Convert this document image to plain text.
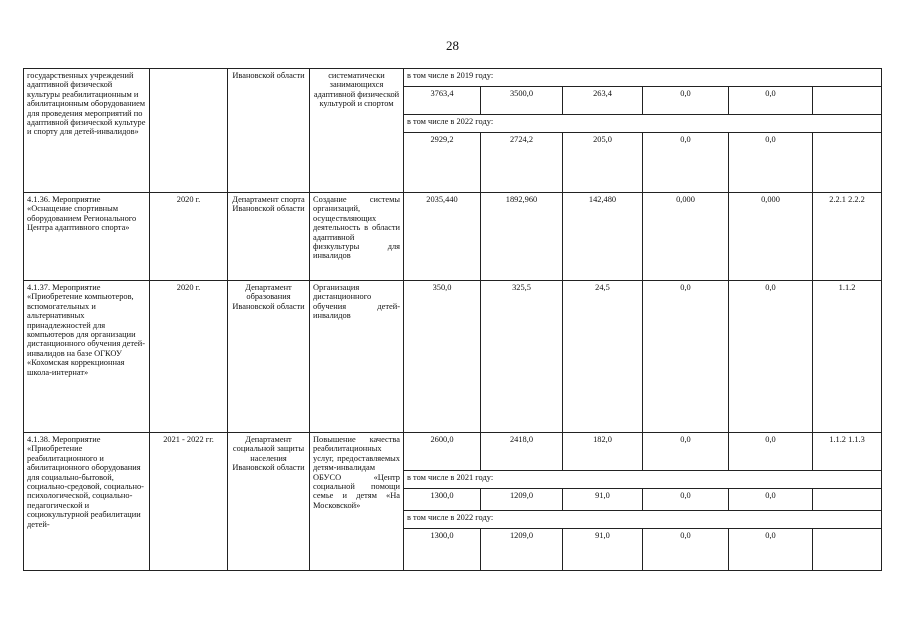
28
государственных учреждений адаптивной физической культуры реабилитационным и абилитационным оборудованием для проведения мероприятий по адаптивной физической культуре и спорту для детей-инвалидов»		Ивановской области	систематически занимающихся адаптивной физической культурой и спортом	в том числе в 2019 году:					
				3763,4	3500,0	263,4	0,0	0,0	
				в том числе в 2022 году:					
				2929,2	2724,2	205,0	0,0	0,0	
4.1.36. Мероприятие «Оснащение спортивным оборудованием Регионального Центра адаптивного спорта»	2020 г.	Департамент спорта Ивановской области	Создание системы организаций, осуществляющих деятельность в области адаптивной физкультуры для инвалидов	2035,440	1892,960	142,480	0,000	0,000	2.2.1 2.2.2
4.1.37. Мероприятие «Приобретение компьютеров, вспомогательных и альтернативных принадлежностей для компьютеров для организации дистанционного обучения детей-инвалидов на базе ОГКОУ «Кохомская коррекционная школа-интернат»	2020 г.	Департамент образования Ивановской области	Организация дистанционного обучения детей-инвалидов	350,0	325,5	24,5	0,0	0,0	1.1.2
4.1.38. Мероприятие «Приобретение реабилитационного и абилитационного оборудования для социально-бытовой, социально-средовой, социально-психологической, социально-педагогической и социокультурной реабилитации детей-	2021 - 2022 гг.	Департамент социальной защиты населения Ивановской области	Повышение качества реабилитационных услуг, предоставляемых детям-инвалидам ОБУСО «Центр социальной помощи семье и детям «На Московской»	2600,0	2418,0	182,0	0,0	0,0	1.1.2 1.1.3
				в том числе в 2021 году:					
				1300,0	1209,0	91,0	0,0	0,0	
				в том числе в 2022 году:					
				1300,0	1209,0	91,0	0,0	0,0	
